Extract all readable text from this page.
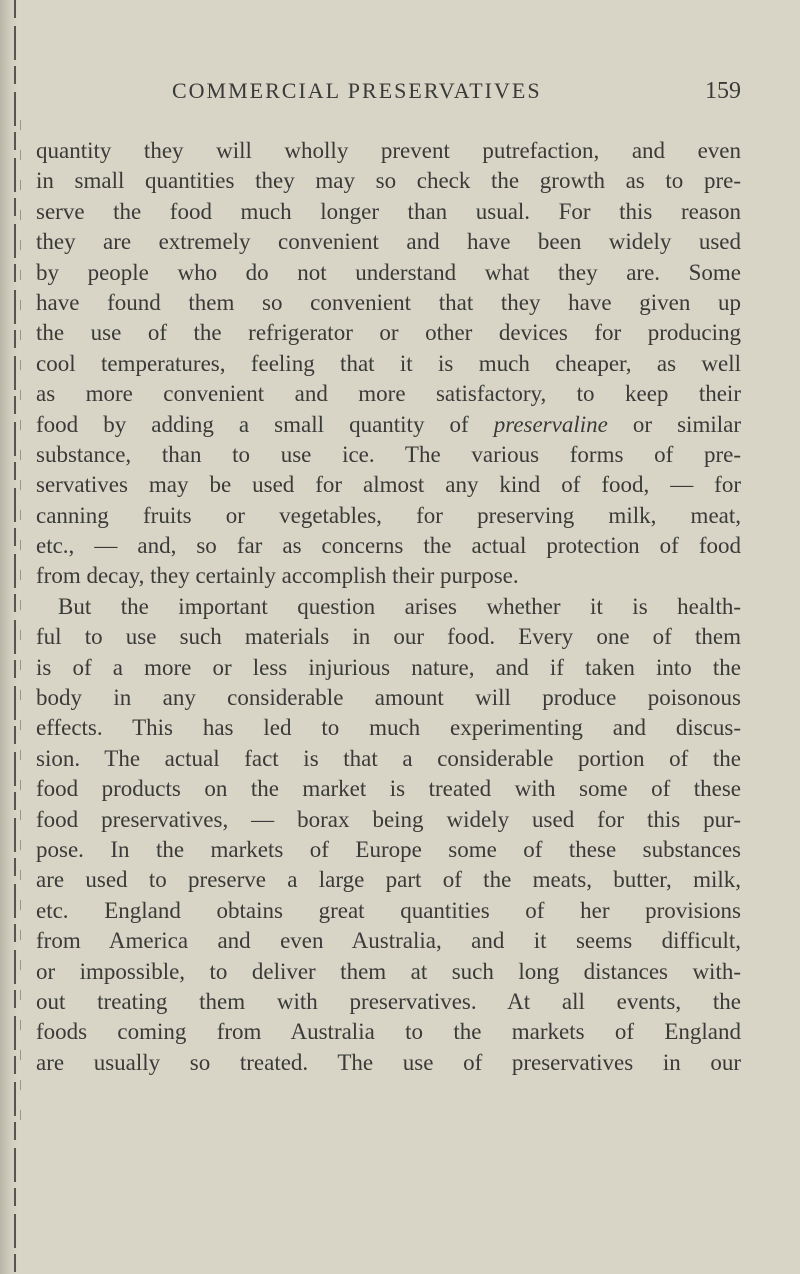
COMMERCIAL PRESERVATIVES	159
quantity they will wholly prevent putrefaction, and even
in small quantities they may so check the growth as to pre-
serve the food much longer than usual. For this reason
they are extremely convenient and have been widely used
by people who do not understand what they are. Some
have found them so convenient that they have given up
the use of the refrigerator or other devices for producing
cool temperatures, feeling that it is much cheaper, as well
as more convenient and more satisfactory, to keep their
food by adding a small quantity of preservaline or similar
substance, than to use ice. The various forms of pre-
servatives may be used for almost any kind of food, — for
canning fruits or vegetables, for preserving milk, meat,
etc., — and, so far as concerns the actual protection of food
from decay, they certainly accomplish their purpose.
But the important question arises whether it is health-
ful to use such materials in our food. Every one of them
is of a more or less injurious nature, and if taken into the
body in any considerable amount will produce poisonous
effects. This has led to much experimenting and discus-
sion. The actual fact is that a considerable portion of the
food products on the market is treated with some of these
food preservatives, — borax being widely used for this pur-
pose. In the markets of Europe some of these substances
are used to preserve a large part of the meats, butter, milk,
etc. England obtains great quantities of her provisions
from America and even Australia, and it seems difficult,
or impossible, to deliver them at such long distances with-
out treating them with preservatives. At all events, the
foods coming from Australia to the markets of England
are usually so treated. The use of preservatives in our
